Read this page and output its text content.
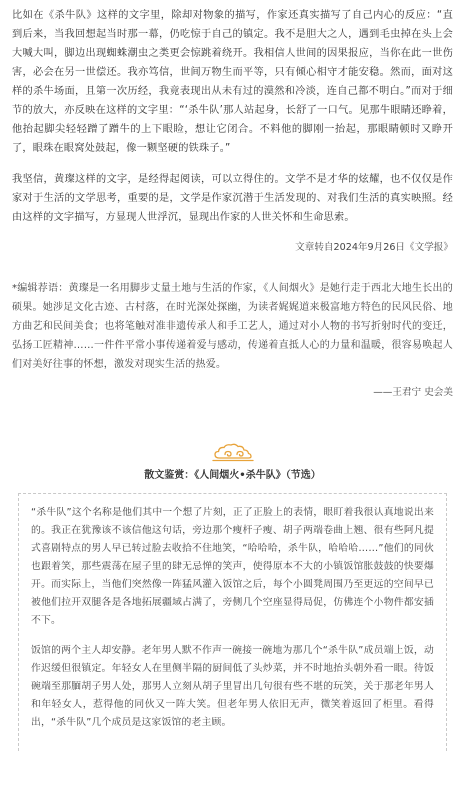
比如在《杀牛队》这样的文字里，除却对物象的描写，作家还真实描写了自己内心的反应：“直到后来，当我回想起当时那一幕，仍吃惊于自己的镇定。我不是胆大之人，遇到毛虫掉在头上会大喊大叫，脚边出现蜘蛛潮虫之类更会惊跳着绕开。我相信人世间的因果报应，当你在此一世伤害，必会在另一世偿还。我亦笃信，世间万物生而平等，只有倾心相守才能安稳。然而，面对这样的杀牛场面，且第一次历经，我竟表现出从未有过的漠然和冷淡，连自己都不明白。”而对于细节的放大，亦反映在这样的文字里：“‘杀牛队’那人站起身，长舒了一口气。见那牛眼睛还睁着，他抬起脚尖轻轻蹭了蹭牛的上下眼睑，想让它闭合。不料他的脚刚一抬起，那眼睛顿时又睁开了，眼珠在眼窝处鼓起，像一颗坚硬的铁珠子。”

我坚信，黄璨这样的文字，是经得起阅读，可以立得住的。文学不是才华的炫耀，也不仅仅是作家对于生活的文学思考，重要的是，文学是作家沉潜于生活发现的、对我们生活的真实映照。经由这样的文字描写，方显现人世浮沉，显现出作家的人世关怀和生命思索。

文章转自2024年9月26日《文学报》

*编辑荐语：黄璨是一名用脚步丈量土地与生活的作家，《人间烟火》是她行走于西北大地生长出的硕果。她涉足文化古迹、古村落，在时光深处探幽，为读者娓娓道来极富地方特色的民风民俗、地方曲艺和民间美食；也将笔触对准非遗传承人和手工艺人，通过对小人物的书写折射时代的变迁，弘扬工匠精神……一件件平常小事传递着爱与感动，传递着直抵人心的力量和温暖，很容易唤起人们对美好往事的怀想，激发对现实生活的热爱。

——王君宁 史会美
散文鉴赏：《人间烟火•杀牛队》（节选）

“杀牛队”这个名称是他们其中一个想了片刻，正了正脸上的表情，眼盯着我很认真地说出来的。我正在犹豫该不该信他这句话，旁边那个瘦杆子瘦、胡子两端卷曲上翘、很有些阿凡提式喜剧特点的男人早已转过脸去收拾不住地笑，“哈哈哈，杀牛队，哈哈哈……”他们的同伙也跟着笑，那些震荡在屋子里的肆无忌惮的笑声，使得原本不大的小镇饭馆胀鼓鼓的快要爆开。而实际上，当他们突然像一阵猛风灌入饭馆之后，每个小圆凳周围乃至更远的空间早已被他们拉开双腿各是各地拓展疆域占满了，旁侧几个空座显得局促，仿佛连个小物件都安插不下。

饭馆的两个主人却安静。老年男人默不作声一碗接一碗地为那几个“杀牛队”成员端上饭，动作迟缓但很镇定。年轻女人在里侧半隔的厨间低了头炒菜，并不时地抬头朝外看一眼。待饭碗端至那腼胡子男人处，那男人立刻从胡子里冒出几句很有些不堪的玩笑，关于那老年男人和年轻女人，惹得他的同伙又一阵大笑。但老年男人依旧无声，微笑着返回了柜里。看得出，“杀牛队”几个成员是这家饭馆的老主顾。
